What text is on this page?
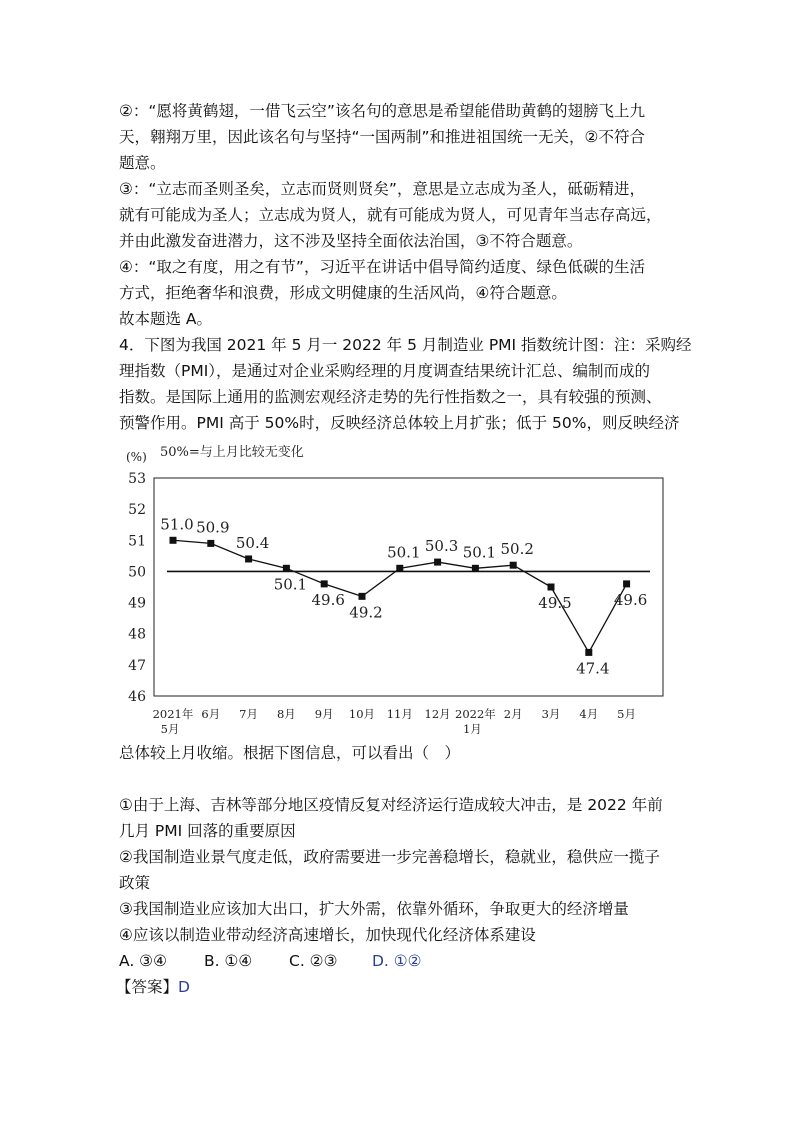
②：“愿将黄鹤翅，一借飞云空”该名句的意思是希望能借助黄鹤的翅膀飞上九
天，翱翔万里，因此该名句与坚持“一国两制”和推进祖国统一无关，②不符合
题意。
③：“立志而圣则圣矣，立志而贤则贤矣”，意思是立志成为圣人，砥砺精进，
就有可能成为圣人；立志成为贤人，就有可能成为贤人，可见青年当志存高远，
并由此激发奋进潜力，这不涉及坚持全面依法治国，③不符合题意。
④：“取之有度，用之有节”，习近平在讲话中倡导简约适度、绿色低碳的生活
方式，拒绝奢华和浪费，形成文明健康的生活风尚，④符合题意。
故本题选 A。
4．下图为我国 2021 年 5 月一 2022 年 5 月制造业 PMI 指数统计图：注：采购经
理指数（PMI），是通过对企业采购经理的月度调查结果统计汇总、编制而成的
指数。是国际上通用的监测宏观经济走势的先行性指数之一，具有较强的预测、
预警作用。PMI 高于 50%时，反映经济总体较上月扩张；低于 50%，则反映经济
(%) 50%=与上月比较无变化
46
47
48
49
50
51
52
53
51.0 50.9
50.4
50.1
49.6
49.2
50.1 50.3 50.1 50.2
49.5
47.4
49.6
2021年
5月
6月 7月 8月 9月 10月 11月 12月 2022年
1月
2月 3月 4月 5月
总体较上月收缩。根据下图信息，可以看出（　）
①由于上海、吉林等部分地区疫情反复对经济运行造成较大冲击，是 2022 年前
几月 PMI 回落的重要原因
②我国制造业景气度走低，政府需要进一步完善稳增长，稳就业，稳供应一揽子
政策
③我国制造业应该加大出口，扩大外需，依靠外循环，争取更大的经济增量
④应该以制造业带动经济高速增长，加快现代化经济体系建设
A. ③④ B. ①④ C. ②③ D. ①②
【答案】D
